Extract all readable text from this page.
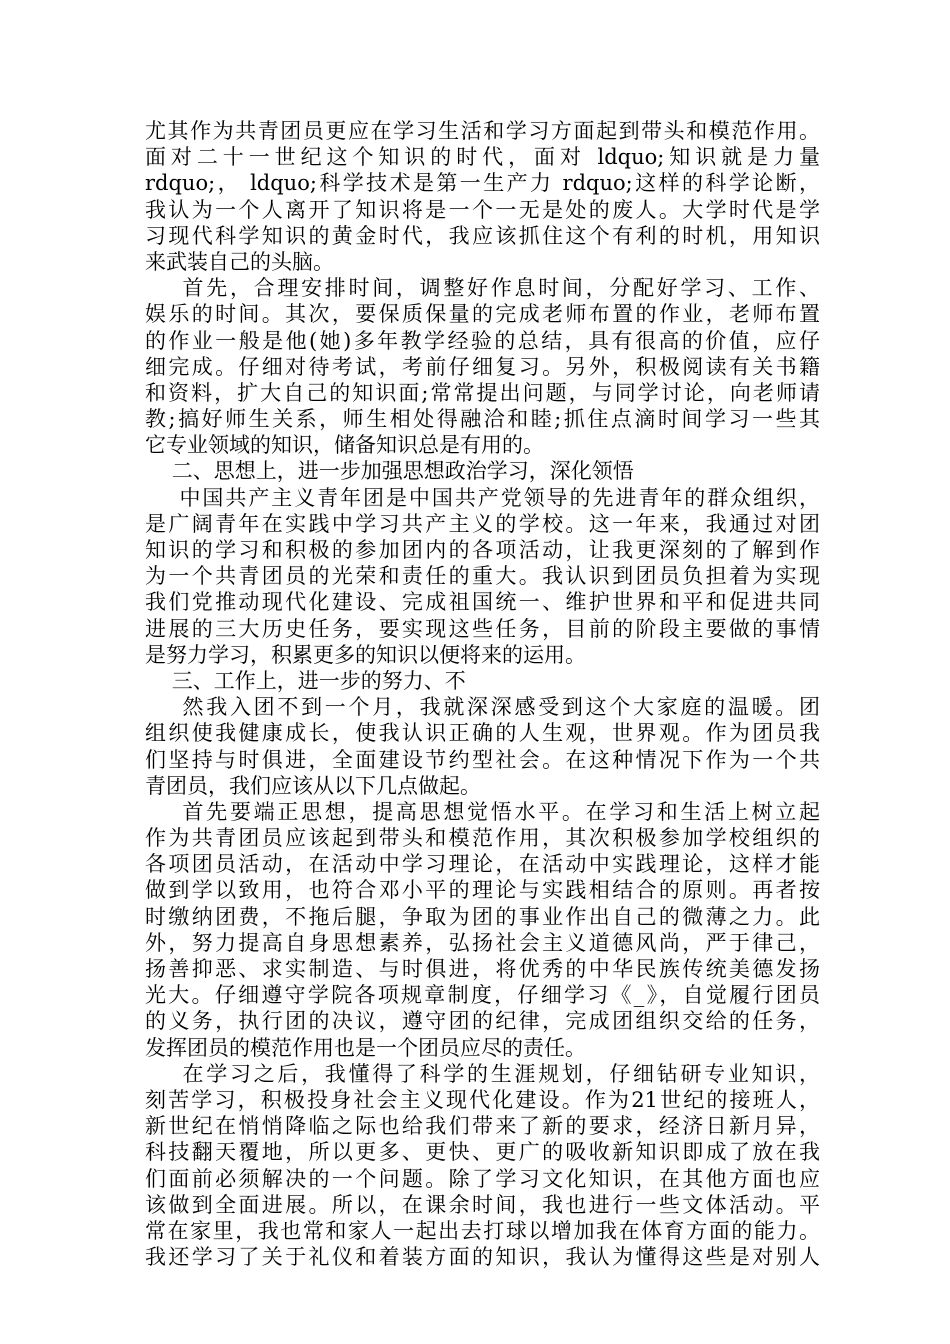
尤其作为共青团员更应在学习生活和学习方面起到带头和模范作用。
面对二十一世纪这个知识的时代，面对 ldquo;知识就是力量
rdquo;， ldquo;科学技术是第一生产力 rdquo;这样的科学论断，
我认为一个人离开了知识将是一个一无是处的废人。大学时代是学
习现代科学知识的黄金时代，我应该抓住这个有利的时机，用知识
来武装自己的头脑。
首先，合理安排时间，调整好作息时间，分配好学习、工作、
娱乐的时间。其次，要保质保量的完成老师布置的作业，老师布置
的作业一般是他(她)多年教学经验的总结，具有很高的价值，应仔
细完成。仔细对待考试，考前仔细复习。另外，积极阅读有关书籍
和资料，扩大自己的知识面;常常提出问题，与同学讨论，向老师请
教;搞好师生关系，师生相处得融洽和睦;抓住点滴时间学习一些其
它专业领域的知识，储备知识总是有用的。
二、思想上，进一步加强思想政治学习，深化领悟
中国共产主义青年团是中国共产党领导的先进青年的群众组织，
是广阔青年在实践中学习共产主义的学校。这一年来，我通过对团
知识的学习和积极的参加团内的各项活动，让我更深刻的了解到作
为一个共青团员的光荣和责任的重大。我认识到团员负担着为实现
我们党推动现代化建设、完成祖国统一、维护世界和平和促进共同
进展的三大历史任务，要实现这些任务，目前的阶段主要做的事情
是努力学习，积累更多的知识以便将来的运用。
三、工作上，进一步的努力、不
然我入团不到一个月，我就深深感受到这个大家庭的温暖。团
组织使我健康成长，使我认识正确的人生观，世界观。作为团员我
们坚持与时俱进，全面建设节约型社会。在这种情况下作为一个共
青团员，我们应该从以下几点做起。
首先要端正思想，提高思想觉悟水平。在学习和生活上树立起
作为共青团员应该起到带头和模范作用，其次积极参加学校组织的
各项团员活动，在活动中学习理论，在活动中实践理论，这样才能
做到学以致用，也符合邓小平的理论与实践相结合的原则。再者按
时缴纳团费，不拖后腿，争取为团的事业作出自己的微薄之力。此
外，努力提高自身思想素养，弘扬社会主义道德风尚，严于律己，
扬善抑恶、求实制造、与时俱进，将优秀的中华民族传统美德发扬
光大。仔细遵守学院各项规章制度，仔细学习《_》，自觉履行团员
的义务，执行团的决议，遵守团的纪律，完成团组织交给的任务，
发挥团员的模范作用也是一个团员应尽的责任。
在学习之后，我懂得了科学的生涯规划，仔细钻研专业知识，
刻苦学习，积极投身社会主义现代化建设。作为21世纪的接班人，
新世纪在悄悄降临之际也给我们带来了新的要求，经济日新月异，
科技翻天覆地，所以更多、更快、更广的吸收新知识即成了放在我
们面前必须解决的一个问题。除了学习文化知识，在其他方面也应
该做到全面进展。所以，在课余时间，我也进行一些文体活动。平
常在家里，我也常和家人一起出去打球以增加我在体育方面的能力。
我还学习了关于礼仪和着装方面的知识，我认为懂得这些是对别人
